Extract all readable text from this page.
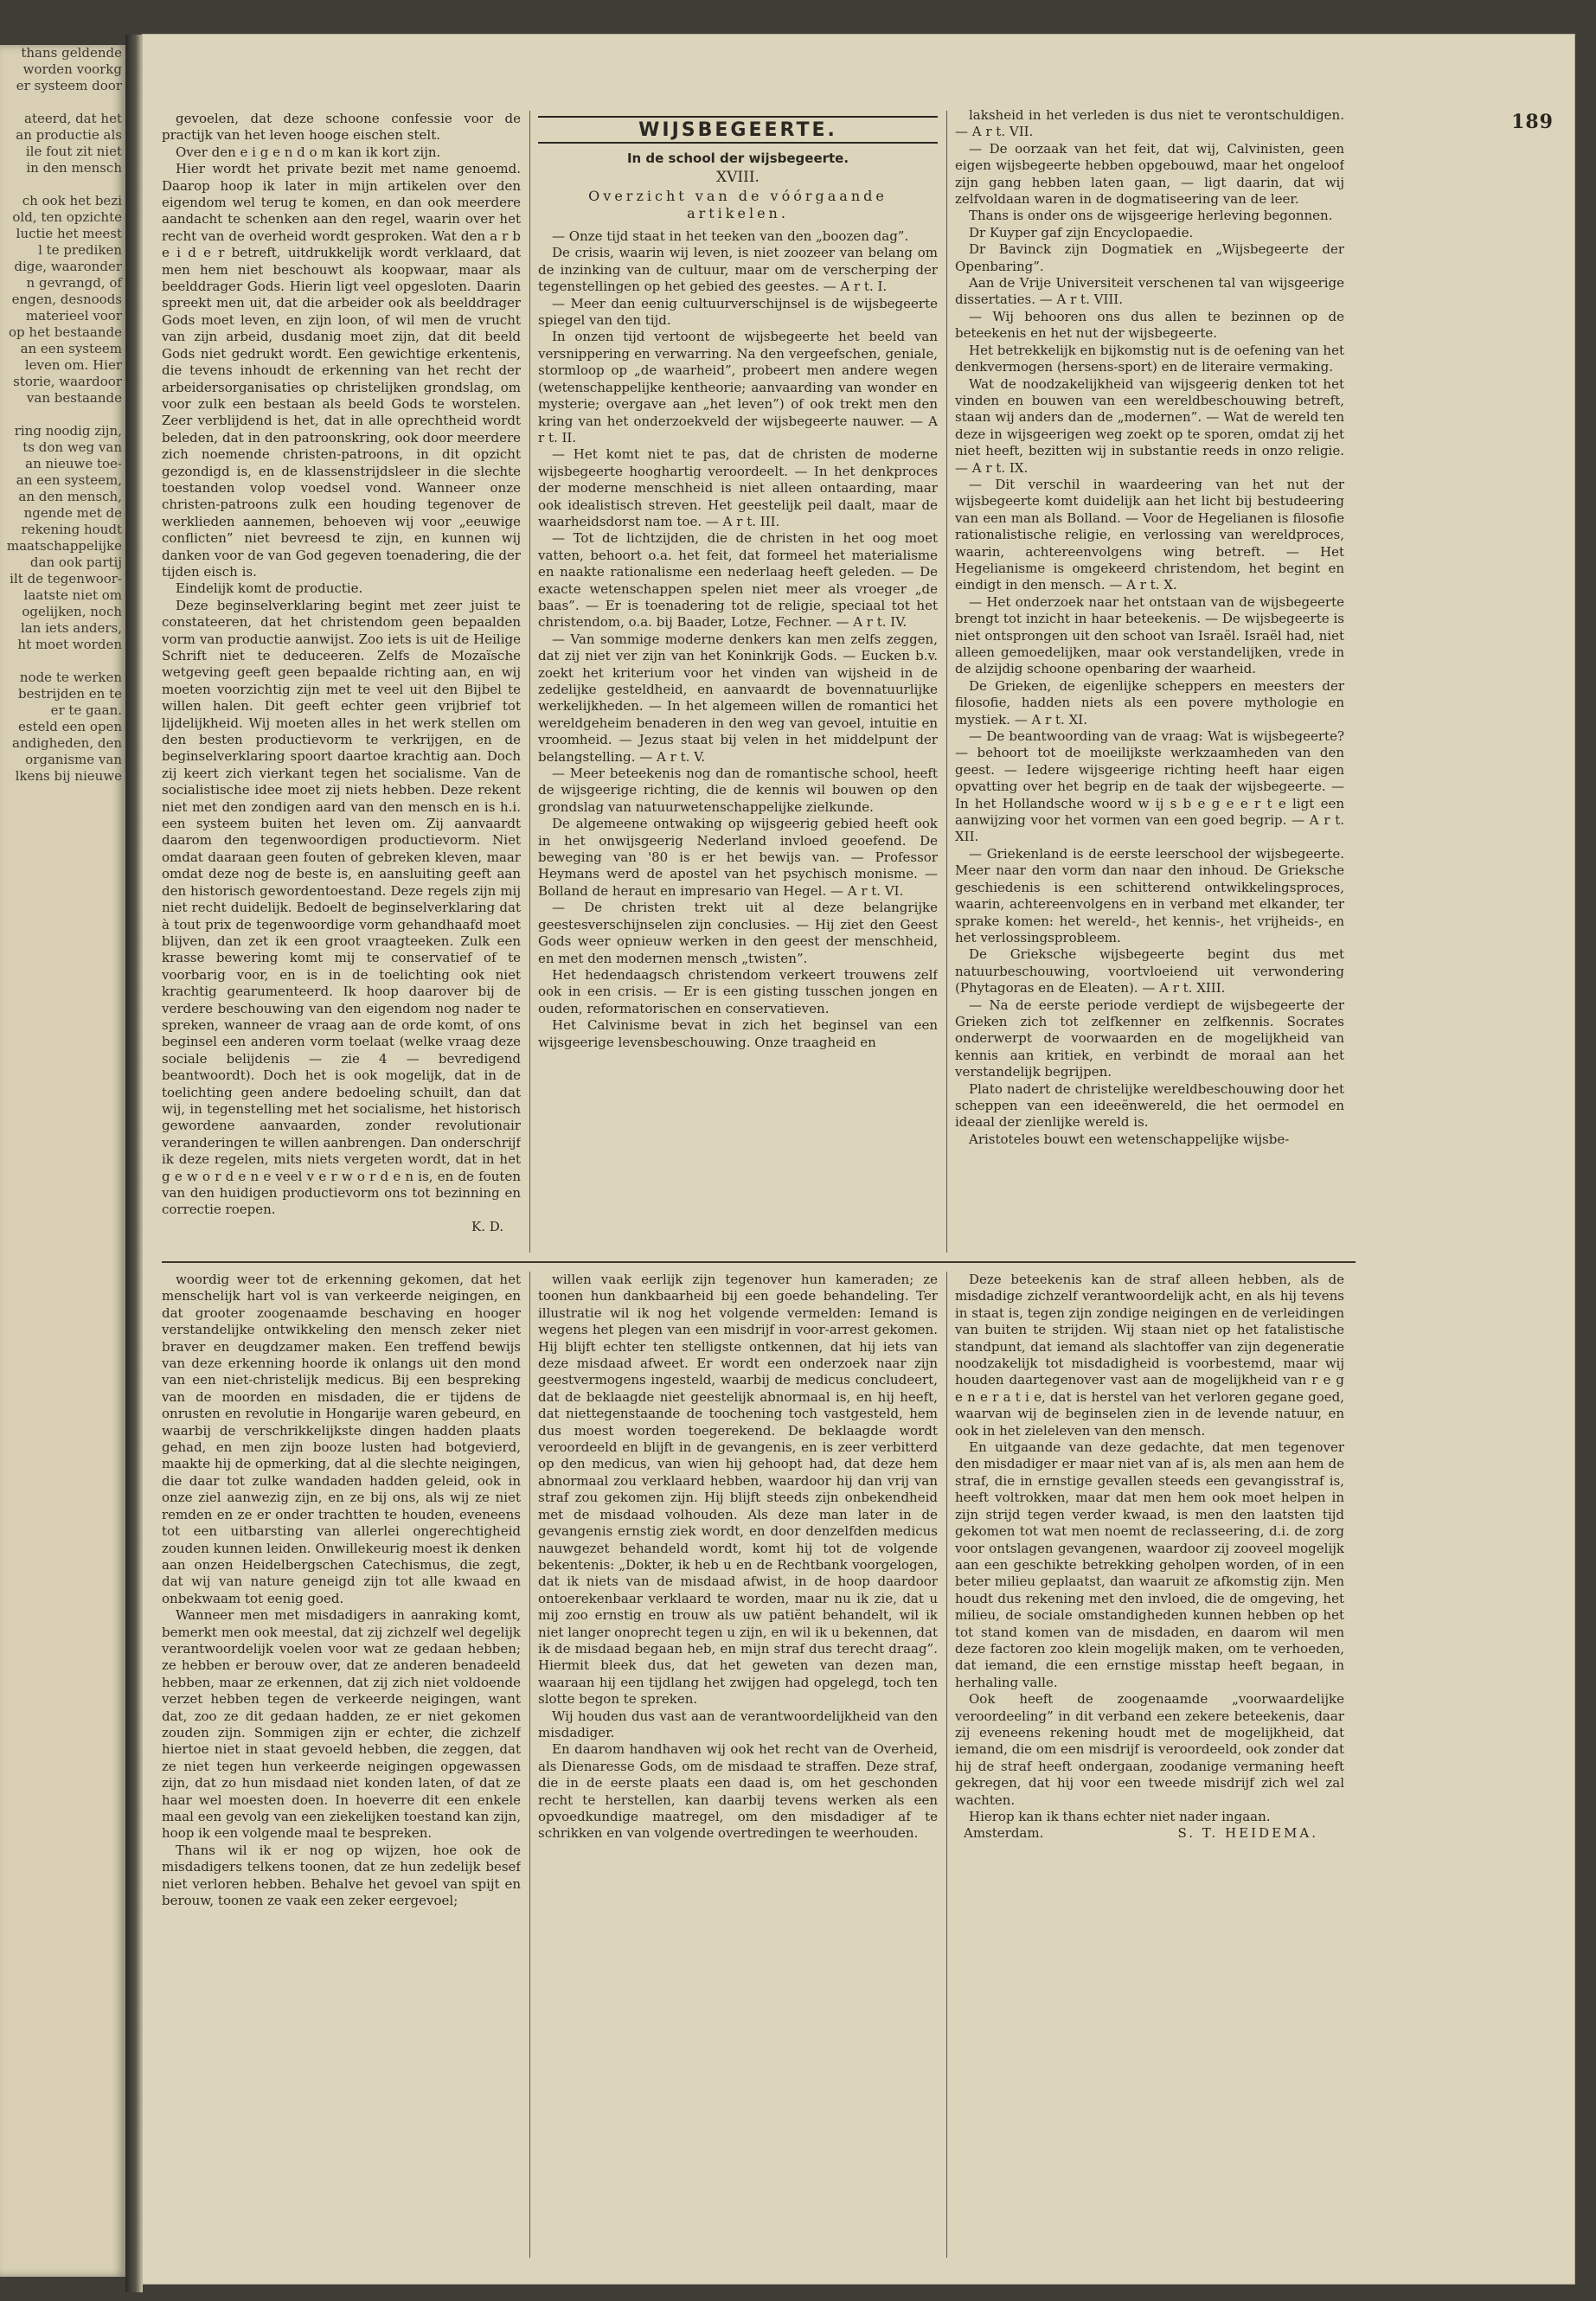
thans geldende
worden voorkg
er systeem door

ateerd, dat het
an productie als
ile fout zit niet
in den mensch

ch ook het bezi
old, ten opzichte
luctie het meest
l te prediken
dige, waaronder
n gevrangd, of
engen, desnoods
materieel voor
op het bestaande
an een systeem
leven om. Hier
storie, waardoor
van bestaande

ring noodig zijn,
ts don weg van
an nieuwe toe-
an een systeem,
an den mensch,
ngende met de
rekening houdt
maatschappelijke
dan ook partij
ilt de tegenwoor-
laatste niet om
ogelijken, noch
lan iets anders,
ht moet worden

node te werken
bestrijden en te
er te gaan.
esteld een open
andigheden, den
organisme van
lkens bij nieuwe
189

gevoelen, dat deze schoone confessie voor de practijk van het leven hooge eischen stelt.

Over den e i g e n d o m kan ik kort zijn.

Hier wordt het private bezit met name genoemd. Daarop hoop ik later in mijn artikelen over den eigendom wel terug te komen, en dan ook meerdere aandacht te schenken aan den regel, waarin over het recht van de overheid wordt gesproken. Wat den a r b e i d e r betreft, uitdrukkelijk wordt verklaard, dat men hem niet beschouwt als koopwaar, maar als beelddrager Gods. Hierin ligt veel opgesloten. Daarin spreekt men uit, dat die arbeider ook als beelddrager Gods moet leven, en zijn loon, of wil men de vrucht van zijn arbeid, dusdanig moet zijn, dat dit beeld Gods niet gedrukt wordt. Een gewichtige erkentenis, die tevens inhoudt de erkenning van het recht der arbeidersorganisaties op christelijken grondslag, om voor zulk een bestaan als beeld Gods te worstelen. Zeer verblijdend is het, dat in alle oprechtheid wordt beleden, dat in den patroonskring, ook door meerdere zich noemende christen-patroons, in dit opzicht gezondigd is, en de klassenstrijdsleer in die slechte toestanden volop voedsel vond. Wanneer onze christen-patroons zulk een houding tegenover de werklieden aannemen, behoeven wij voor „eeuwige conflicten” niet bevreesd te zijn, en kunnen wij danken voor de van God gegeven toenadering, die der tijden eisch is.

Eindelijk komt de productie.

Deze beginselverklaring begint met zeer juist te constateeren, dat het christendom geen bepaalden vorm van productie aanwijst. Zoo iets is uit de Heilige Schrift niet te deduceeren. Zelfs de Mozaïsche wetgeving geeft geen bepaalde richting aan, en wij moeten voorzichtig zijn met te veel uit den Bijbel te willen halen. Dit geeft echter geen vrijbrief tot lijdelijkheid. Wij moeten alles in het werk stellen om den besten productievorm te verkrijgen, en de beginselverklaring spoort daartoe krachtig aan. Doch zij keert zich vierkant tegen het socialisme. Van de socialistische idee moet zij niets hebben. Deze rekent niet met den zondigen aard van den mensch en is h.i. een systeem buiten het leven om. Zij aanvaardt daarom den tegenwoordigen productievorm. Niet omdat daaraan geen fouten of gebreken kleven, maar omdat deze nog de beste is, en aansluiting geeft aan den historisch gewordentoestand. Deze regels zijn mij niet recht duidelijk. Bedoelt de beginselverklaring dat à tout prix de tegenwoordige vorm gehandhaafd moet blijven, dan zet ik een groot vraagteeken. Zulk een krasse bewering komt mij te conservatief of te voorbarig voor, en is in de toelichting ook niet krachtig gearumenteerd. Ik hoop daarover bij de verdere beschouwing van den eigendom nog nader te spreken, wanneer de vraag aan de orde komt, of ons beginsel een anderen vorm toelaat (welke vraag deze sociale belijdenis — zie 4 — bevredigend beantwoordt). Doch het is ook mogelijk, dat in de toelichting geen andere bedoeling schuilt, dan dat wij, in tegenstelling met het socialisme, het historisch gewordene aanvaarden, zonder revolutionair veranderingen te willen aanbrengen. Dan onderschrijf ik deze regelen, mits niets vergeten wordt, dat in het g e w o r d e n e veel v e r w o r d e n is, en de fouten van den huidigen productievorm ons tot bezinning en correctie roepen.

K. D.
WIJSBEGEERTE.
In de school der wijsbegeerte.
XVIII.
Overzicht van de vóórgaande artikelen.

— Onze tijd staat in het teeken van den „boozen dag”.

De crisis, waarin wij leven, is niet zoozeer van belang om de inzinking van de cultuur, maar om de verscherping der tegenstellingen op het gebied des geestes. — A r t. I.

— Meer dan eenig cultuurverschijnsel is de wijsbegeerte spiegel van den tijd.

In onzen tijd vertoont de wijsbegeerte het beeld van versnippering en verwarring. Na den vergeefschen, geniale, stormloop op „de waarheid”, probeert men andere wegen (wetenschappelijke kentheorie; aanvaarding van wonder en mysterie; overgave aan „het leven”) of ook trekt men den kring van het onderzoekveld der wijsbegeerte nauwer. — A r t. II.

— Het komt niet te pas, dat de christen de moderne wijsbegeerte hooghartig veroordeelt. — In het denkproces der moderne menschheid is niet alleen ontaarding, maar ook idealistisch streven. Het geestelijk peil daalt, maar de waarheidsdorst nam toe. — A r t. III.

— Tot de lichtzijden, die de christen in het oog moet vatten, behoort o.a. het feit, dat formeel het materialisme en naakte rationalisme een nederlaag heeft geleden. — De exacte wetenschappen spelen niet meer als vroeger „de baas”. — Er is toenadering tot de religie, speciaal tot het christendom, o.a. bij Baader, Lotze, Fechner. — A r t. IV.

— Van sommige moderne denkers kan men zelfs zeggen, dat zij niet ver zijn van het Koninkrijk Gods. — Eucken b.v. zoekt het kriterium voor het vinden van wijsheid in de zedelijke gesteldheid, en aanvaardt de bovennatuurlijke werkelijkheden. — In het algemeen willen de romantici het wereldgeheim benaderen in den weg van gevoel, intuitie en vroomheid. — Jezus staat bij velen in het middelpunt der belangstelling. — A r t. V.

— Meer beteekenis nog dan de romantische school, heeft de wijsgeerige richting, die de kennis wil bouwen op den grondslag van natuurwetenschappelijke zielkunde.

De algemeene ontwaking op wijsgeerig gebied heeft ook in het onwijsgeerig Nederland invloed geoefend. De beweging van '80 is er het bewijs van. — Professor Heymans werd de apostel van het psychisch monisme. — Bolland de heraut en impresario van Hegel. — A r t. VI.

— De christen trekt uit al deze belangrijke geestesverschijnselen zijn conclusies. — Hij ziet den Geest Gods weer opnieuw werken in den geest der menschheid, en met den modernen mensch „twisten”.

Het hedendaagsch christendom verkeert trouwens zelf ook in een crisis. — Er is een gisting tusschen jongen en ouden, reformatorischen en conservatieven.

Het Calvinisme bevat in zich het beginsel van een wijsgeerige levensbeschouwing. Onze traagheid en

laksheid in het verleden is dus niet te verontschuldigen. — A r t. VII.

— De oorzaak van het feit, dat wij, Calvinisten, geen eigen wijsbegeerte hebben opgebouwd, maar het ongeloof zijn gang hebben laten gaan, — ligt daarin, dat wij zelfvoldaan waren in de dogmatiseering van de leer.

Thans is onder ons de wijsgeerige herleving begonnen.

Dr Kuyper gaf zijn Encyclopaedie.

Dr Bavinck zijn Dogmatiek en „Wijsbegeerte der Openbaring”.

Aan de Vrije Universiteit verschenen tal van wijsgeerige dissertaties. — A r t. VIII.

— Wij behooren ons dus allen te bezinnen op de beteekenis en het nut der wijsbegeerte.

Het betrekkelijk en bijkomstig nut is de oefening van het denkvermogen (hersens-sport) en de literaire vermaking.

Wat de noodzakelijkheid van wijsgeerig denken tot het vinden en bouwen van een wereldbeschouwing betreft, staan wij anders dan de „modernen”. — Wat de wereld ten deze in wijsgeerigen weg zoekt op te sporen, omdat zij het niet heeft, bezitten wij in substantie reeds in onzo religie. — A r t. IX.

— Dit verschil in waardeering van het nut der wijsbegeerte komt duidelijk aan het licht bij bestudeering van een man als Bolland. — Voor de Hegelianen is filosofie rationalistische religie, en verlossing van wereldproces, waarin, achtereenvolgens wing betreft. — Het Hegelianisme is omgekeerd christendom, het begint en eindigt in den mensch. — A r t. X.

— Het onderzoek naar het ontstaan van de wijsbegeerte brengt tot inzicht in haar beteekenis. — De wijsbegeerte is niet ontsprongen uit den schoot van Israël. Israël had, niet alleen gemoedelijken, maar ook verstandelijken, vrede in de alzijdig schoone openbaring der waarheid.

De Grieken, de eigenlijke scheppers en meesters der filosofie, hadden niets als een povere mythologie en mystiek. — A r t. XI.

— De beantwoording van de vraag: Wat is wijsbegeerte? — behoort tot de moeilijkste werkzaamheden van den geest. — Iedere wijsgeerige richting heeft haar eigen opvatting over het begrip en de taak der wijsbegeerte. — In het Hollandsche woord w ij s b e g e e r t e ligt een aanwijzing voor het vormen van een goed begrip. — A r t. XII.

— Griekenland is de eerste leerschool der wijsbegeerte. Meer naar den vorm dan naar den inhoud. De Grieksche geschiedenis is een schitterend ontwikkelingsproces, waarin, achtereenvolgens en in verband met elkander, ter sprake komen: het wereld-, het kennis-, het vrijheids-, en het verlossingsprobleem.

De Grieksche wijsbegeerte begint dus met natuurbeschouwing, voortvloeiend uit verwondering (Phytagoras en de Eleaten). — A r t. XIII.

— Na de eerste periode verdiept de wijsbegeerte der Grieken zich tot zelfkenner en zelfkennis. Socrates onderwerpt de voorwaarden en de mogelijkheid van kennis aan kritiek, en verbindt de moraal aan het verstandelijk begrijpen.

Plato nadert de christelijke wereldbeschouwing door het scheppen van een ideeënwereld, die het oermodel en ideaal der zienlijke wereld is.

Aristoteles bouwt een wetenschappelijke wijsbe-

woordig weer tot de erkenning gekomen, dat het menschelijk hart vol is van verkeerde neigingen, en dat grooter zoogenaamde beschaving en hooger verstandelijke ontwikkeling den mensch zeker niet braver en deugdzamer maken. Een treffend bewijs van deze erkenning hoorde ik onlangs uit den mond van een niet-christelijk medicus. Bij een bespreking van de moorden en misdaden, die er tijdens de onrusten en revolutie in Hongarije waren gebeurd, en waarbij de verschrikkelijkste dingen hadden plaats gehad, en men zijn booze lusten had botgevierd, maakte hij de opmerking, dat al die slechte neigingen, die daar tot zulke wandaden hadden geleid, ook in onze ziel aanwezig zijn, en ze bij ons, als wij ze niet remden en ze er onder trachtten te houden, eveneens tot een uitbarsting van allerlei ongerechtigheid zouden kunnen leiden. Onwillekeurig moest ik denken aan onzen Heidelbergschen Catechismus, die zegt, dat wij van nature geneigd zijn tot alle kwaad en onbekwaam tot eenig goed.

Wanneer men met misdadigers in aanraking komt, bemerkt men ook meestal, dat zij zichzelf wel degelijk verantwoordelijk voelen voor wat ze gedaan hebben; ze hebben er berouw over, dat ze anderen benadeeld hebben, maar ze erkennen, dat zij zich niet voldoende verzet hebben tegen de verkeerde neigingen, want dat, zoo ze dit gedaan hadden, ze er niet gekomen zouden zijn. Sommigen zijn er echter, die zichzelf hiertoe niet in staat gevoeld hebben, die zeggen, dat ze niet tegen hun verkeerde neigingen opgewassen zijn, dat zo hun misdaad niet konden laten, of dat ze haar wel moesten doen. In hoeverre dit een enkele maal een gevolg van een ziekelijken toestand kan zijn, hoop ik een volgende maal te bespreken.

Thans wil ik er nog op wijzen, hoe ook de misdadigers telkens toonen, dat ze hun zedelijk besef niet verloren hebben. Behalve het gevoel van spijt en berouw, toonen ze vaak een zeker eergevoel;

willen vaak eerlijk zijn tegenover hun kameraden; ze toonen hun dankbaarheid bij een goede behandeling. Ter illustratie wil ik nog het volgende vermelden: Iemand is wegens het plegen van een misdrijf in voor-arrest gekomen. Hij blijft echter ten stelligste ontkennen, dat hij iets van deze misdaad afweet. Er wordt een onderzoek naar zijn geestvermogens ingesteld, waarbij de medicus concludeert, dat de beklaagde niet geestelijk abnormaal is, en hij heeft, dat niettegenstaande de toochening toch vastgesteld, hem dus moest worden toegerekend. De beklaagde wordt veroordeeld en blijft in de gevangenis, en is zeer verbitterd op den medicus, van wien hij gehoopt had, dat deze hem abnormaal zou verklaard hebben, waardoor hij dan vrij van straf zou gekomen zijn. Hij blijft steeds zijn onbekendheid met de misdaad volhouden. Als deze man later in de gevangenis ernstig ziek wordt, en door denzelfden medicus nauwgezet behandeld wordt, komt hij tot de volgende bekentenis: „Dokter, ik heb u en de Rechtbank voorgelogen, dat ik niets van de misdaad afwist, in de hoop daardoor ontoerekenbaar verklaard te worden, maar nu ik zie, dat u mij zoo ernstig en trouw als uw patiënt behandelt, wil ik niet langer onoprecht tegen u zijn, en wil ik u bekennen, dat ik de misdaad begaan heb, en mijn straf dus terecht draag”. Hiermit bleek dus, dat het geweten van dezen man, waaraan hij een tijdlang het zwijgen had opgelegd, toch ten slotte begon te spreken.

Wij houden dus vast aan de verantwoordelijkheid van den misdadiger.

En daarom handhaven wij ook het recht van de Overheid, als Dienaresse Gods, om de misdaad te straffen. Deze straf, die in de eerste plaats een daad is, om het geschonden recht te herstellen, kan daarbij tevens werken als een opvoedkundige maatregel, om den misdadiger af te schrikken en van volgende overtredingen te weerhouden.

Deze beteekenis kan de straf alleen hebben, als de misdadige zichzelf verantwoordelijk acht, en als hij tevens in staat is, tegen zijn zondige neigingen en de verleidingen van buiten te strijden. Wij staan niet op het fatalistische standpunt, dat iemand als slachtoffer van zijn degeneratie noodzakelijk tot misdadigheid is voorbestemd, maar wij houden daartegenover vast aan de mogelijkheid van r e g e n e r a t i e, dat is herstel van het verloren gegane goed, waarvan wij de beginselen zien in de levende natuur, en ook in het zieleleven van den mensch.

En uitgaande van deze gedachte, dat men tegenover den misdadiger er maar niet van af is, als men aan hem de straf, die in ernstige gevallen steeds een gevangisstraf is, heeft voltrokken, maar dat men hem ook moet helpen in zijn strijd tegen verder kwaad, is men den laatsten tijd gekomen tot wat men noemt de reclasseering, d.i. de zorg voor ontslagen gevangenen, waardoor zij zooveel mogelijk aan een geschikte betrekking geholpen worden, of in een beter milieu geplaatst, dan waaruit ze afkomstig zijn. Men houdt dus rekening met den invloed, die de omgeving, het milieu, de sociale omstandigheden kunnen hebben op het tot stand komen van de misdaden, en daarom wil men deze factoren zoo klein mogelijk maken, om te verhoeden, dat iemand, die een ernstige misstap heeft begaan, in herhaling valle.

Ook heeft de zoogenaamde „voorwaardelijke veroordeeling” in dit verband een zekere beteekenis, daar zij eveneens rekening houdt met de mogelijkheid, dat iemand, die om een misdrijf is veroordeeld, ook zonder dat hij de straf heeft ondergaan, zoodanige vermaning heeft gekregen, dat hij voor een tweede misdrijf zich wel zal wachten.

Hierop kan ik thans echter niet nader ingaan.

Amsterdam.	S. T. HEIDEMA.
